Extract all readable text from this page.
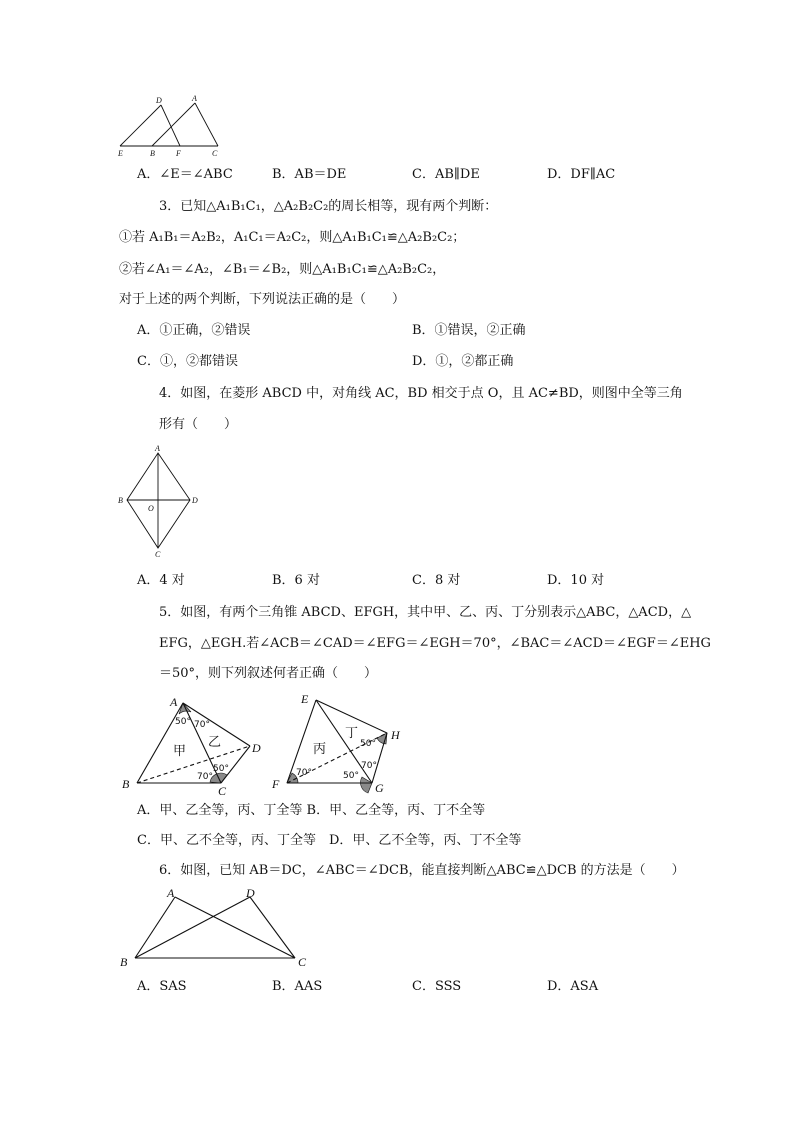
D	A
E	B	F	C
A．∠E＝∠ABC	B．AB＝DE	C．AB∥DE	D．DF∥AC
3．已知△A₁B₁C₁，△A₂B₂C₂的周长相等，现有两个判断：
①若 A₁B₁＝A₂B₂，A₁C₁＝A₂C₂，则△A₁B₁C₁≌△A₂B₂C₂；
②若∠A₁＝∠A₂，∠B₁＝∠B₂，则△A₁B₁C₁≌△A₂B₂C₂，
对于上述的两个判断，下列说法正确的是（　　）
A．①正确，②错误	B．①错误，②正确
C．①，②都错误	D．①，②都正确
4．如图，在菱形 ABCD 中，对角线 AC，BD 相交于点 O，且 AC≠BD，则图中全等三角
形有（　　）
A
B	D
O
C
A．4 对	B．6 对	C．8 对	D．10 对
5．如图，有两个三角锥 ABCD、EFGH，其中甲、乙、丙、丁分别表示△ABC，△ACD，△
EFG，△EGH.若∠ACB＝∠CAD＝∠EFG＝∠EGH＝70°，∠BAC＝∠ACD＝∠EGF＝∠EHG
＝50°，则下列叙述何者正确（　　）
A
B	C
D
甲
乙
50° 70°
70°
50°
E
F	G
H
丙
丁
50°
70°
70°	50°
A．甲、乙全等，丙、丁全等 B．甲、乙全等，丙、丁不全等
C．甲、乙不全等，丙、丁全等　D．甲、乙不全等，丙、丁不全等
6．如图，已知 AB＝DC，∠ABC＝∠DCB，能直接判断△ABC≌△DCB 的方法是（　　）
A	D
B	C
A．SAS	B．AAS	C．SSS	D．ASA
